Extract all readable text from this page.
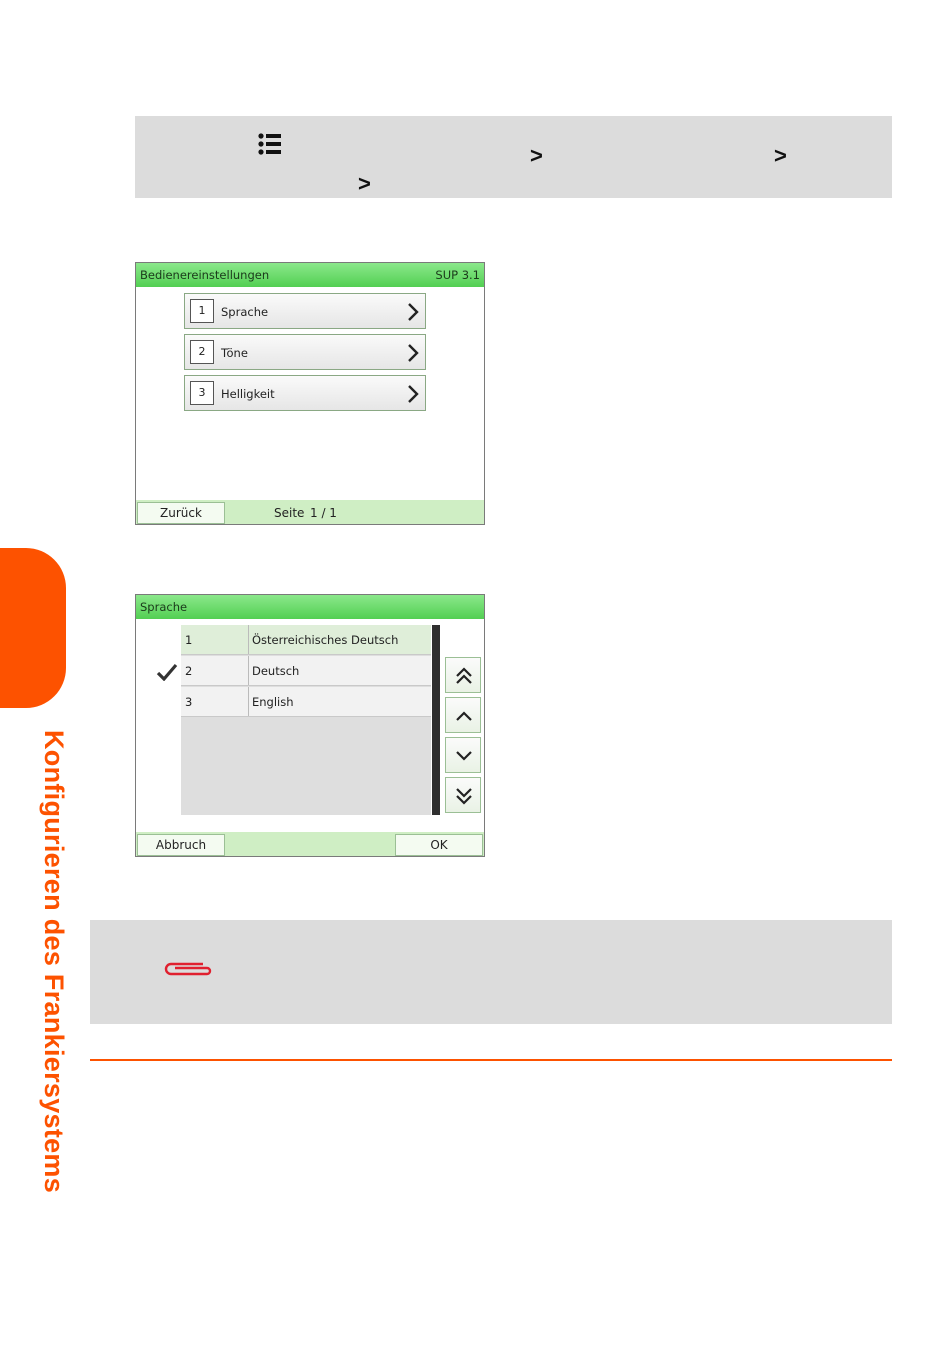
Konfigurieren des Frankiersystems
>	>
>
Bedienereinstellungen	SUP 3.1
1	Sprache
2	Töne
3	Helligkeit
Zurück	Seite 1 / 1
Sprache
1	Österreichisches Deutsch
2	Deutsch
3	English
Abbruch	OK
